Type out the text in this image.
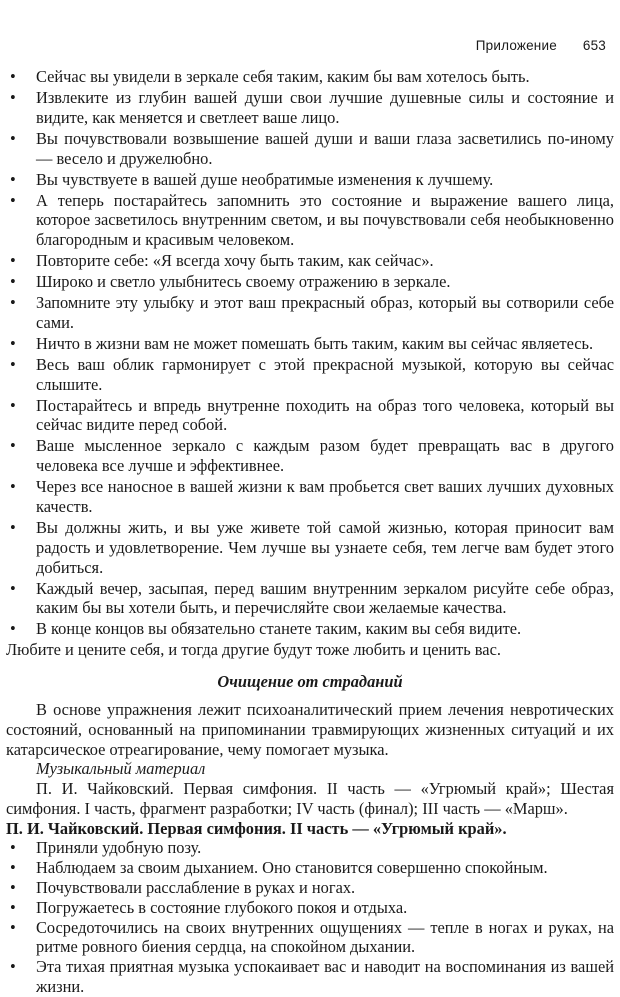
Приложение 653
• Сейчас вы увидели в зеркале себя таким, каким бы вам хотелось быть.
• Извлеките из глубин вашей души свои лучшие душевные силы и состояние и видите, как меняется и светлеет ваше лицо.
• Вы почувствовали возвышение вашей души и ваши глаза засветились по-иному — весело и дружелюбно.
• Вы чувствуете в вашей душе необратимые изменения к лучшему.
• А теперь постарайтесь запомнить это состояние и выражение вашего лица, которое засветилось внутренним светом, и вы почувствовали себя необыкновенно благородным и красивым человеком.
• Повторите себе: «Я всегда хочу быть таким, как сейчас».
• Широко и светло улыбнитесь своему отражению в зеркале.
• Запомните эту улыбку и этот ваш прекрасный образ, который вы сотворили себе сами.
• Ничто в жизни вам не может помешать быть таким, каким вы сейчас являетесь.
• Весь ваш облик гармонирует с этой прекрасной музыкой, которую вы сейчас слышите.
• Постарайтесь и впредь внутренне походить на образ того человека, который вы сейчас видите перед собой.
• Ваше мысленное зеркало с каждым разом будет превращать вас в другого человека все лучше и эффективнее.
• Через все наносное в вашей жизни к вам пробьется свет ваших лучших духовных качеств.
• Вы должны жить, и вы уже живете той самой жизнью, которая приносит вам радость и удовлетворение. Чем лучше вы узнаете себя, тем легче вам будет этого добиться.
• Каждый вечер, засыпая, перед вашим внутренним зеркалом рисуйте себе образ, каким бы вы хотели быть, и перечисляйте свои желаемые качества.
• В конце концов вы обязательно станете таким, каким вы себя видите.

Любите и цените себя, и тогда другие будут тоже любить и ценить вас.

Очищение от страданий

В основе упражнения лежит психоаналитический прием лечения невротических состояний, основанный на припоминании травмирующих жизненных ситуаций и их катарсическое отреагирование, чему помогает музыка.

Музыкальный материал

П. И. Чайковский. Первая симфония. II часть — «Угрюмый край»; Шестая симфония. I часть, фрагмент разработки; IV часть (финал); III часть — «Марш».

П. И. Чайковский. Первая симфония. II часть — «Угрюмый край».

• Приняли удобную позу.
• Наблюдаем за своим дыханием. Оно становится совершенно спокойным.
• Почувствовали расслабление в руках и ногах.
• Погружаетесь в состояние глубокого покоя и отдыха.
• Сосредоточились на своих внутренних ощущениях — тепле в ногах и руках, на ритме ровного биения сердца, на спокойном дыхании.
• Эта тихая приятная музыка успокаивает вас и наводит на воспоминания из вашей жизни.
